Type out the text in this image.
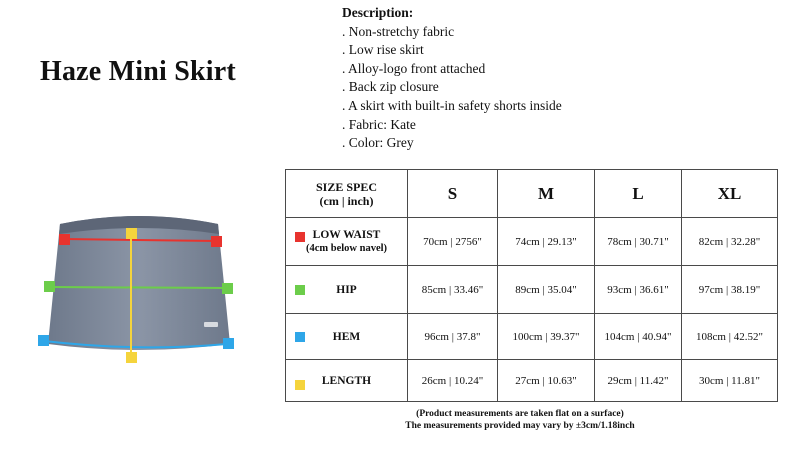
Haze Mini Skirt
Description:
. Non-stretchy fabric
. Low rise skirt
. Alloy-logo front attached
. Back zip closure
. A skirt with built-in safety shorts inside
. Fabric: Kate
. Color: Grey
SIZE SPEC
(cm | inch)	S	M	L	XL

LOW WAIST
(4cm below navel)	70cm | 2756"	74cm | 29.13"	78cm | 30.71"	82cm | 32.28"

HIP	85cm | 33.46"	89cm | 35.04"	93cm | 36.61"	97cm | 38.19"

HEM	96cm | 37.8"	100cm | 39.37"	104cm | 40.94"	108cm | 42.52"

LENGTH	26cm | 10.24"	27cm | 10.63"	29cm | 11.42"	30cm | 11.81"
(Product measurements are taken flat on a surface)
The measurements provided may vary by ±3cm/1.18inch
